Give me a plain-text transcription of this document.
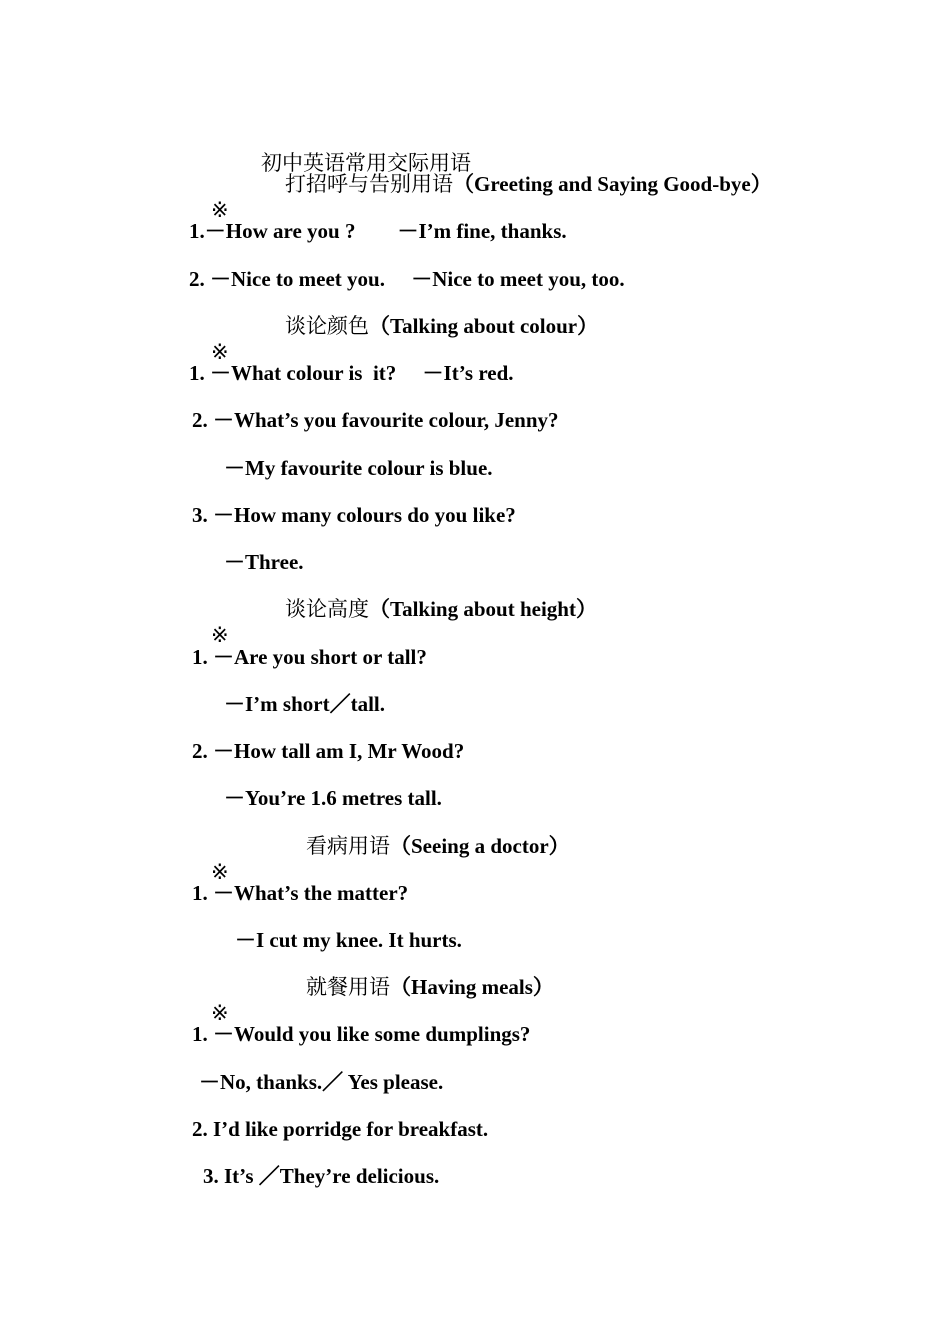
初中英语常用交际用语

※

打招呼与告别用语（Greeting and Saying Good-bye）
1.－How are you ?        －I’m fine, thanks.
2. －Nice to meet you.     －Nice to meet you, too.

※

谈论颜色（Talking about colour）
1. －What colour is  it?     －It’s red.
2. －What’s you favourite colour, Jenny?
－My favourite colour is blue.
3. －How many colours do you like?
－Three.

※

谈论高度（Talking about height）
1. －Are you short or tall?
－I’m short／tall.
2. －How tall am I, Mr Wood?
－You’re 1.6 metres tall.

※

看病用语（Seeing a doctor）
1. －What’s the matter?
－I cut my knee. It hurts.

※

就餐用语（Having meals）
1. －Would you like some dumplings?
－No, thanks.／ Yes please.
2. I’d like porridge for breakfast.
3. It’s ／They’re delicious.
